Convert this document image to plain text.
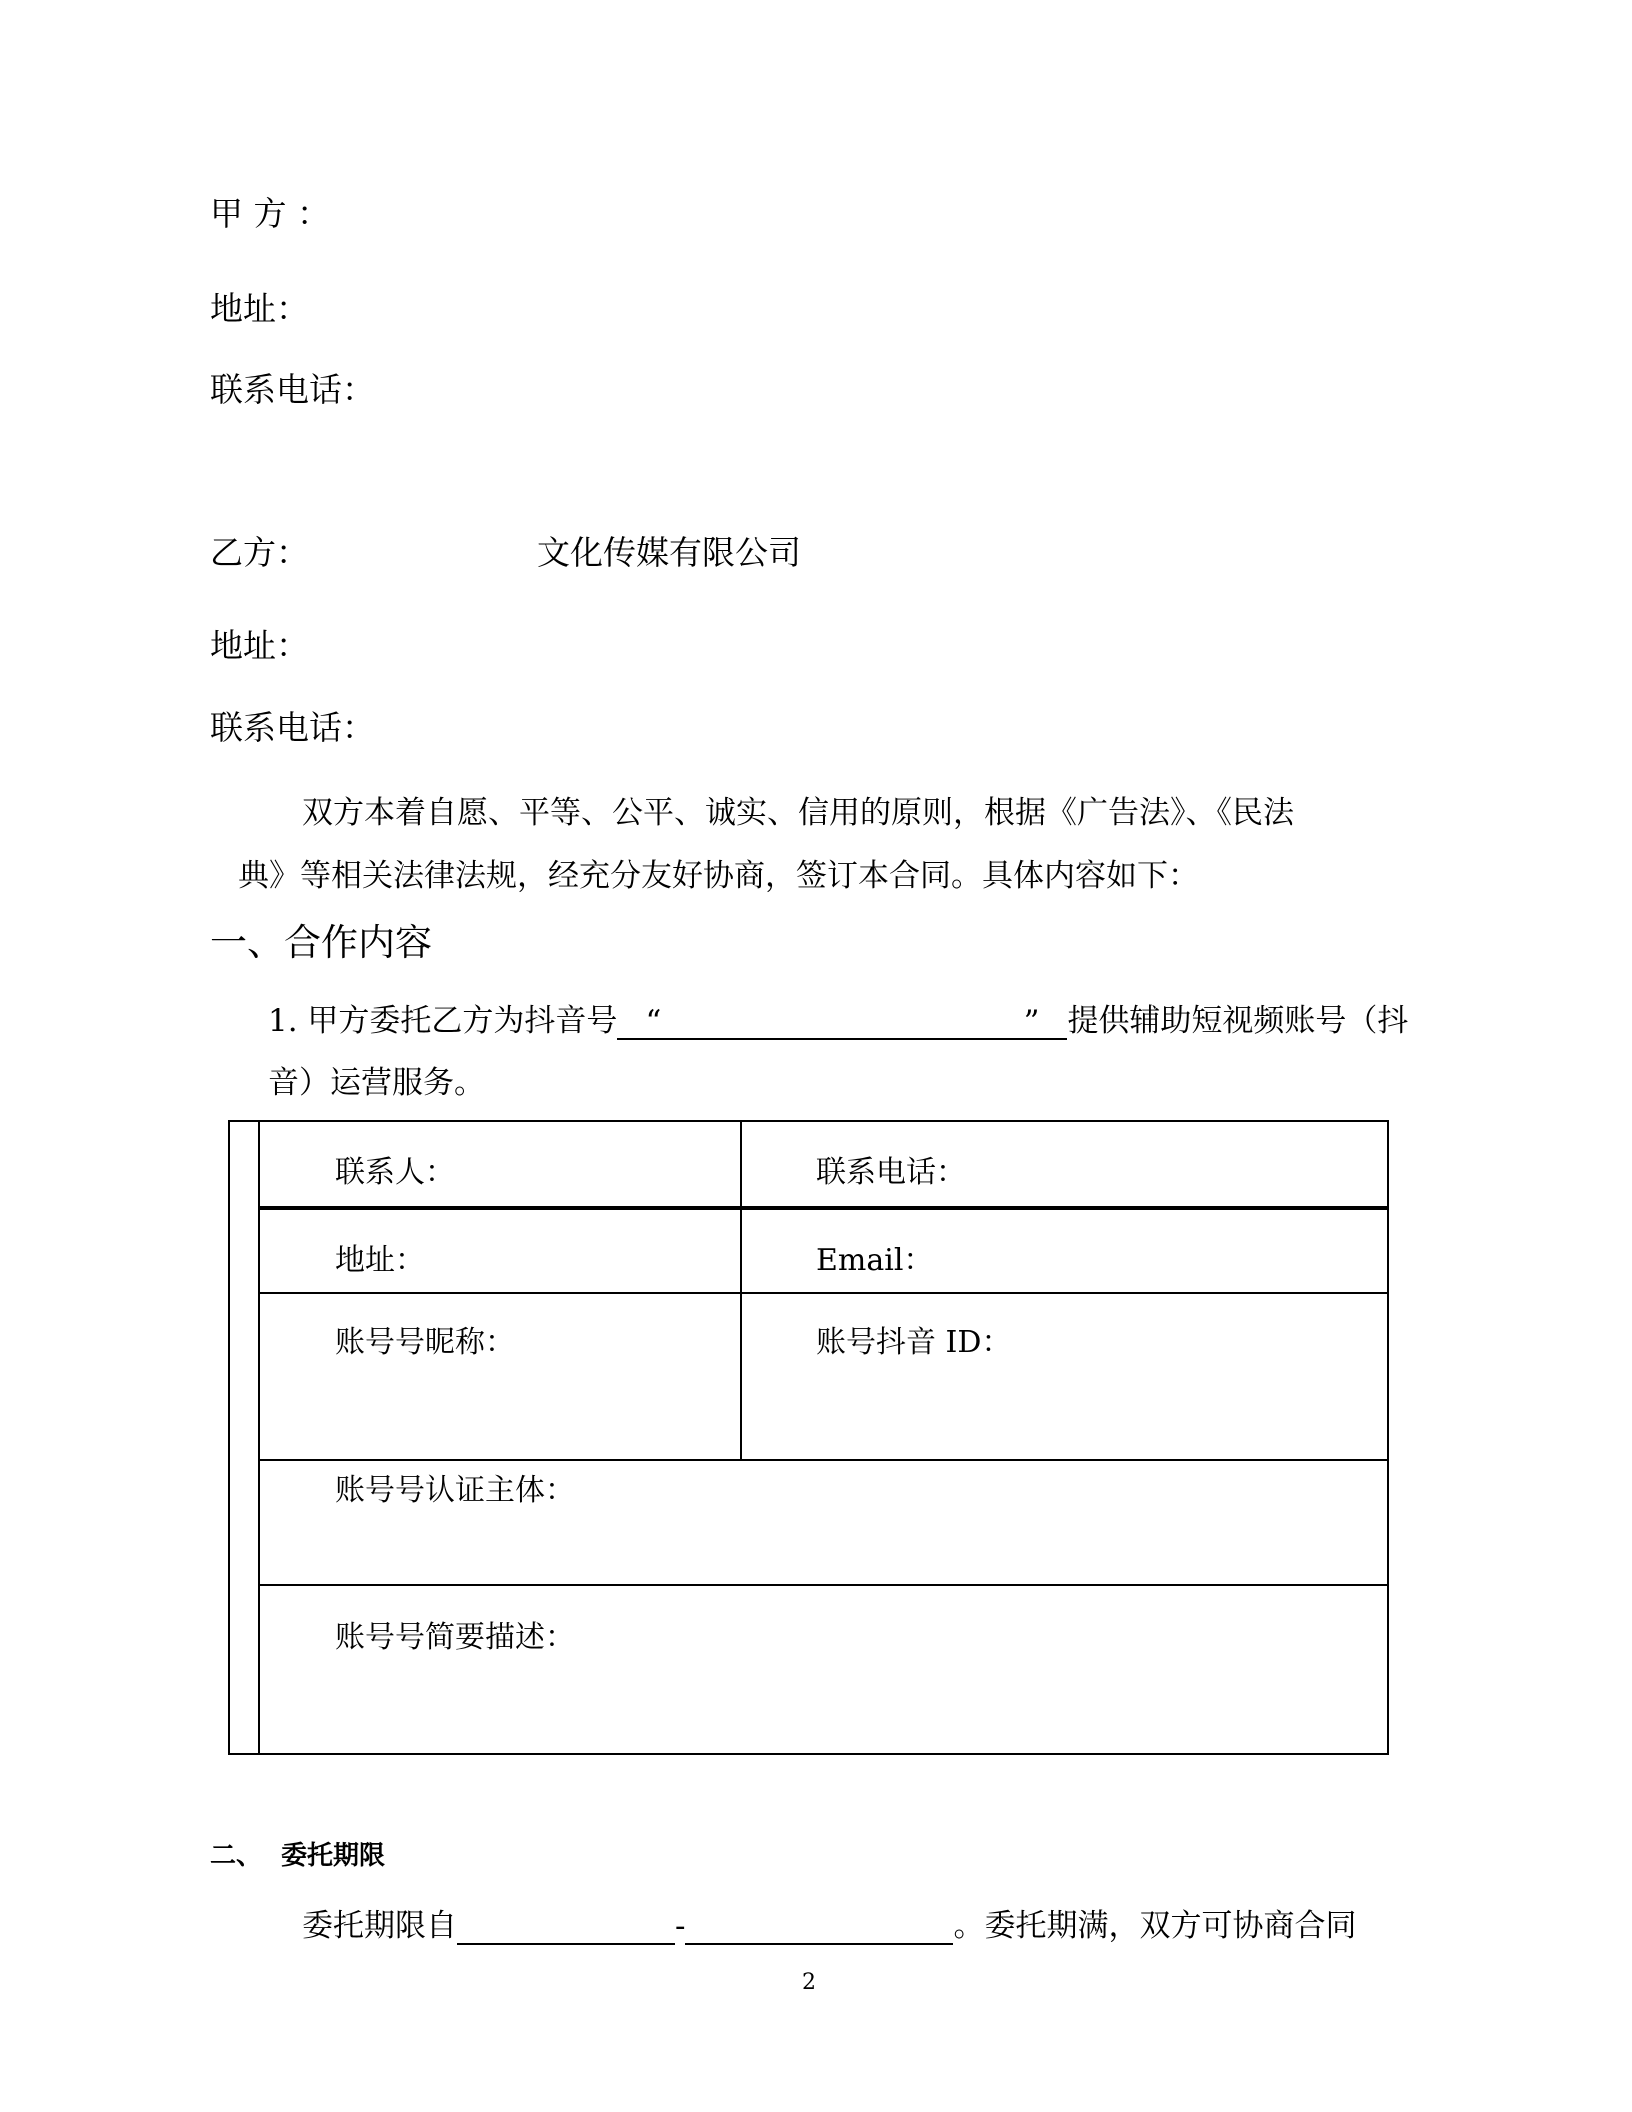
甲 方 ：
地址：
联系电话：
乙方：	文化传媒有限公司
地址：
联系电话：
双方本着自愿、平等、公平、诚实、信用的原则，根据《广告法》、《民法
典》等相关法律法规，经充分友好协商，签订本合同。具体内容如下：
一、合作内容
1. 甲方委托乙方为抖音号 “	” 提供辅助短视频账号（抖
音）运营服务。
联系人：	联系电话：
地址：	Email：
账号号昵称：	账号抖音 ID：
账号号认证主体：
账号号简要描述：
二、 委托期限
委托期限自	-	。委托期满，双方可协商合同
2
